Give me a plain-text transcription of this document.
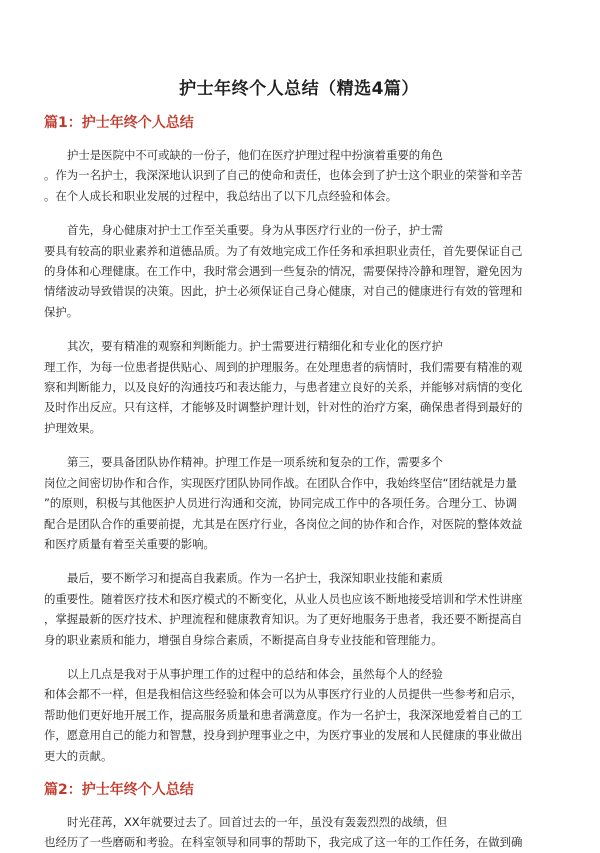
护士年终个人总结（精选4篇）
篇1：护士年终个人总结
护士是医院中不可或缺的一份子，他们在医疗护理过程中扮演着重要的角色
。作为一名护士，我深深地认识到了自己的使命和责任，也体会到了护士这个职业的荣誉和辛苦
。在个人成长和职业发展的过程中，我总结出了以下几点经验和体会。
首先，身心健康对护士工作至关重要。身为从事医疗行业的一份子，护士需
要具有较高的职业素养和道德品质。为了有效地完成工作任务和承担职业责任，首先要保证自己
的身体和心理健康。在工作中，我时常会遇到一些复杂的情况，需要保持冷静和理智，避免因为
情绪波动导致错误的决策。因此，护士必须保证自己身心健康，对自己的健康进行有效的管理和
保护。
其次，要有精准的观察和判断能力。护士需要进行精细化和专业化的医疗护
理工作，为每一位患者提供贴心、周到的护理服务。在处理患者的病情时，我们需要有精准的观
察和判断能力，以及良好的沟通技巧和表达能力，与患者建立良好的关系，并能够对病情的变化
及时作出反应。只有这样，才能够及时调整护理计划，针对性的治疗方案，确保患者得到最好的
护理效果。
第三，要具备团队协作精神。护理工作是一项系统和复杂的工作，需要多个
岗位之间密切协作和合作，实现医疗团队协同作战。在团队合作中，我始终坚信“团结就是力量
”的原则，积极与其他医护人员进行沟通和交流，协同完成工作中的各项任务。合理分工、协调
配合是团队合作的重要前提，尤其是在医疗行业，各岗位之间的协作和合作，对医院的整体效益
和医疗质量有着至关重要的影响。
最后，要不断学习和提高自我素质。作为一名护士，我深知职业技能和素质
的重要性。随着医疗技术和医疗模式的不断变化，从业人员也应该不断地接受培训和学术性讲座
，掌握最新的医疗技术、护理流程和健康教育知识。为了更好地服务于患者，我还要不断提高自
身的职业素质和能力，增强自身综合素质，不断提高自身专业技能和管理能力。
以上几点是我对于从事护理工作的过程中的总结和体会，虽然每个人的经验
和体会都不一样，但是我相信这些经验和体会可以为从事医疗行业的人员提供一些参考和启示，
帮助他们更好地开展工作，提高服务质量和患者满意度。作为一名护士，我深深地爱着自己的工
作，愿意用自己的能力和智慧，投身到护理事业之中，为医疗事业的发展和人民健康的事业做出
更大的贡献。
篇2：护士年终个人总结
时光荏苒，XX年就要过去了。回首过去的一年，虽没有轰轰烈烈的战绩，但
也经历了一些磨砺和考验。在科室领导和同事的帮助下，我完成了这一年的工作任务，在做到确
